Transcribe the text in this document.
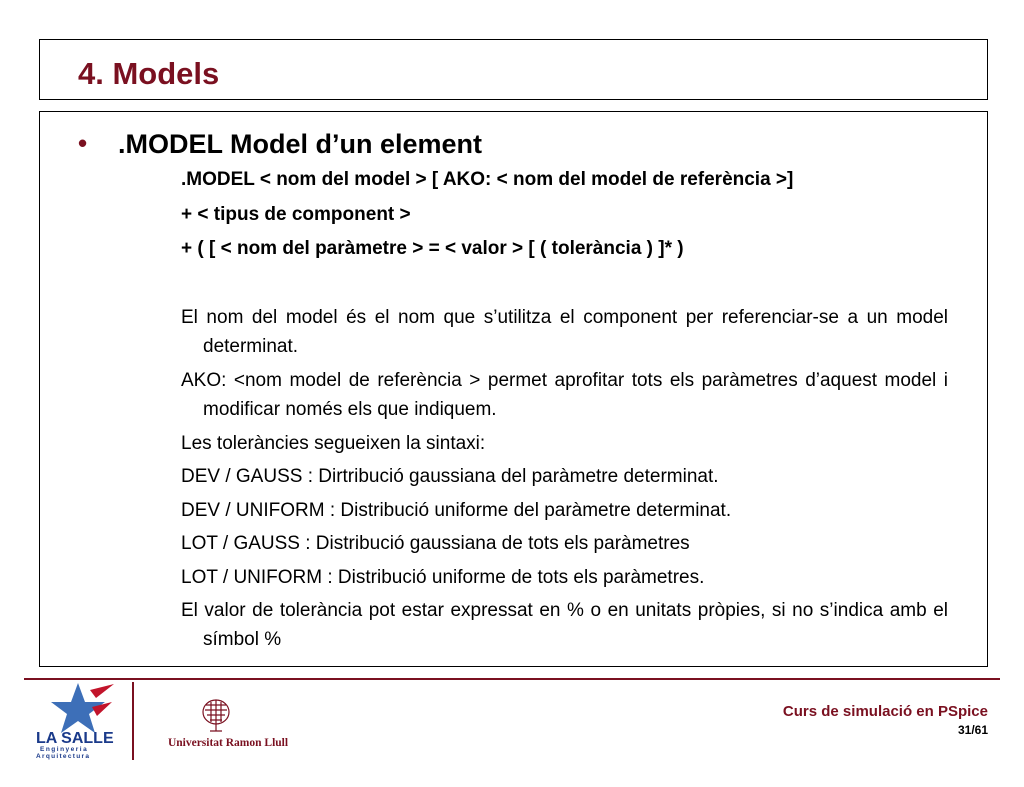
4. Models
•	.MODEL Model d’un element
.MODEL < nom del model > [ AKO: < nom del model de referència >]
+ < tipus de component >
+ ( [ < nom del paràmetre > = < valor > [ ( tolerància ) ]* )
El nom del model és el nom que s’utilitza el component per referenciar-se a un model determinat.
AKO: <nom model de referència > permet aprofitar tots els paràmetres d’aquest model i modificar només els que indiquem.
Les toleràncies segueixen la sintaxi:
DEV / GAUSS : Dirtribució gaussiana del paràmetre determinat.
DEV / UNIFORM : Distribució uniforme del paràmetre determinat.
LOT / GAUSS : Distribució gaussiana de tots els paràmetres
LOT / UNIFORM : Distribució uniforme de tots els paràmetres.
El valor de tolerància pot estar expressat en % o en unitats pròpies, si no s’indica amb el símbol %
LA SALLE
Enginyeria
Arquitectura
Universitat Ramon Llull
Curs de simulació en PSpice
31/61
